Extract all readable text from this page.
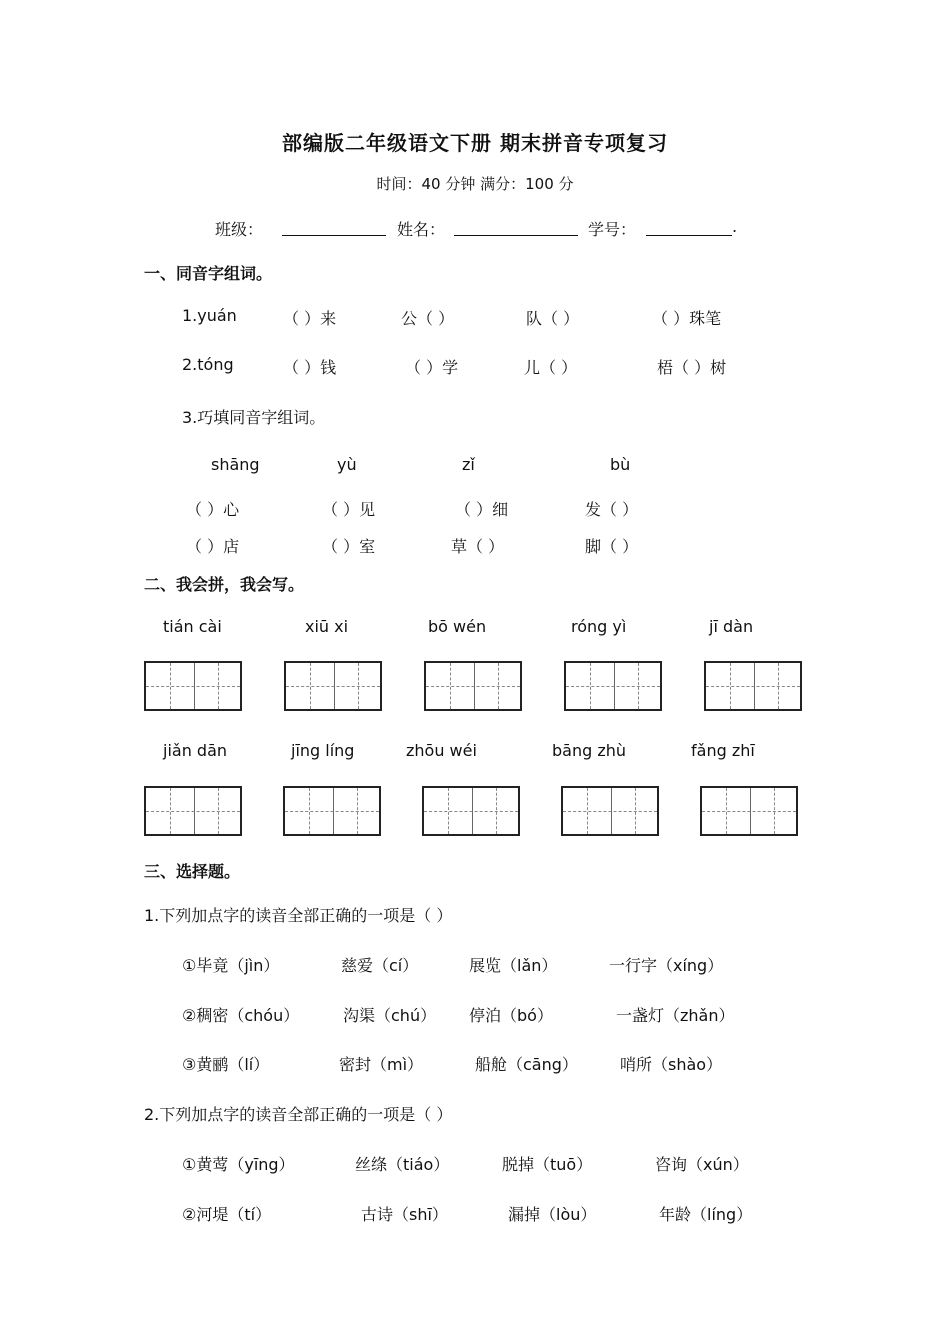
部编版二年级语文下册 期末拼音专项复习
时间：40 分钟 满分：100 分
班级：	姓名：	学号：	.
一、同音字组词。
1.yuán	（ ）来	公（ ）	队（ ）	（ ）珠笔
2.tóng	（ ）钱	（ ）学	儿（ ）	梧（ ）树
3.巧填同音字组词。
shāng	yù	zǐ	bù
（ ）心	（ ）见	（ ）细	发（ ）
（ ）店	（ ）室	草（ ）	脚（ ）
二、我会拼，我会写。
tián cài	xiū xi	bō wén	róng yì	jī dàn
jiǎn dān	jīng líng	zhōu wéi	bāng zhù	fǎng zhī
三、选择题。
1.下列加点字的读音全部正确的一项是（ ）
①毕竟（jìn）	慈爱（cí）	展览（lǎn）	一行字（xíng）
②稠密（chóu）	沟渠（chú） 停泊（bó）	一盏灯（zhǎn）
③黄鹂（lí）	密封（mì）	船舱（cāng）	哨所（shào）
2.下列加点字的读音全部正确的一项是（ ）
①黄莺（yīng）	丝绦（tiáo）	脱掉（tuō）	咨询（xún）
②河堤（tí）	古诗（shī）	漏掉（lòu）	年龄（líng）
